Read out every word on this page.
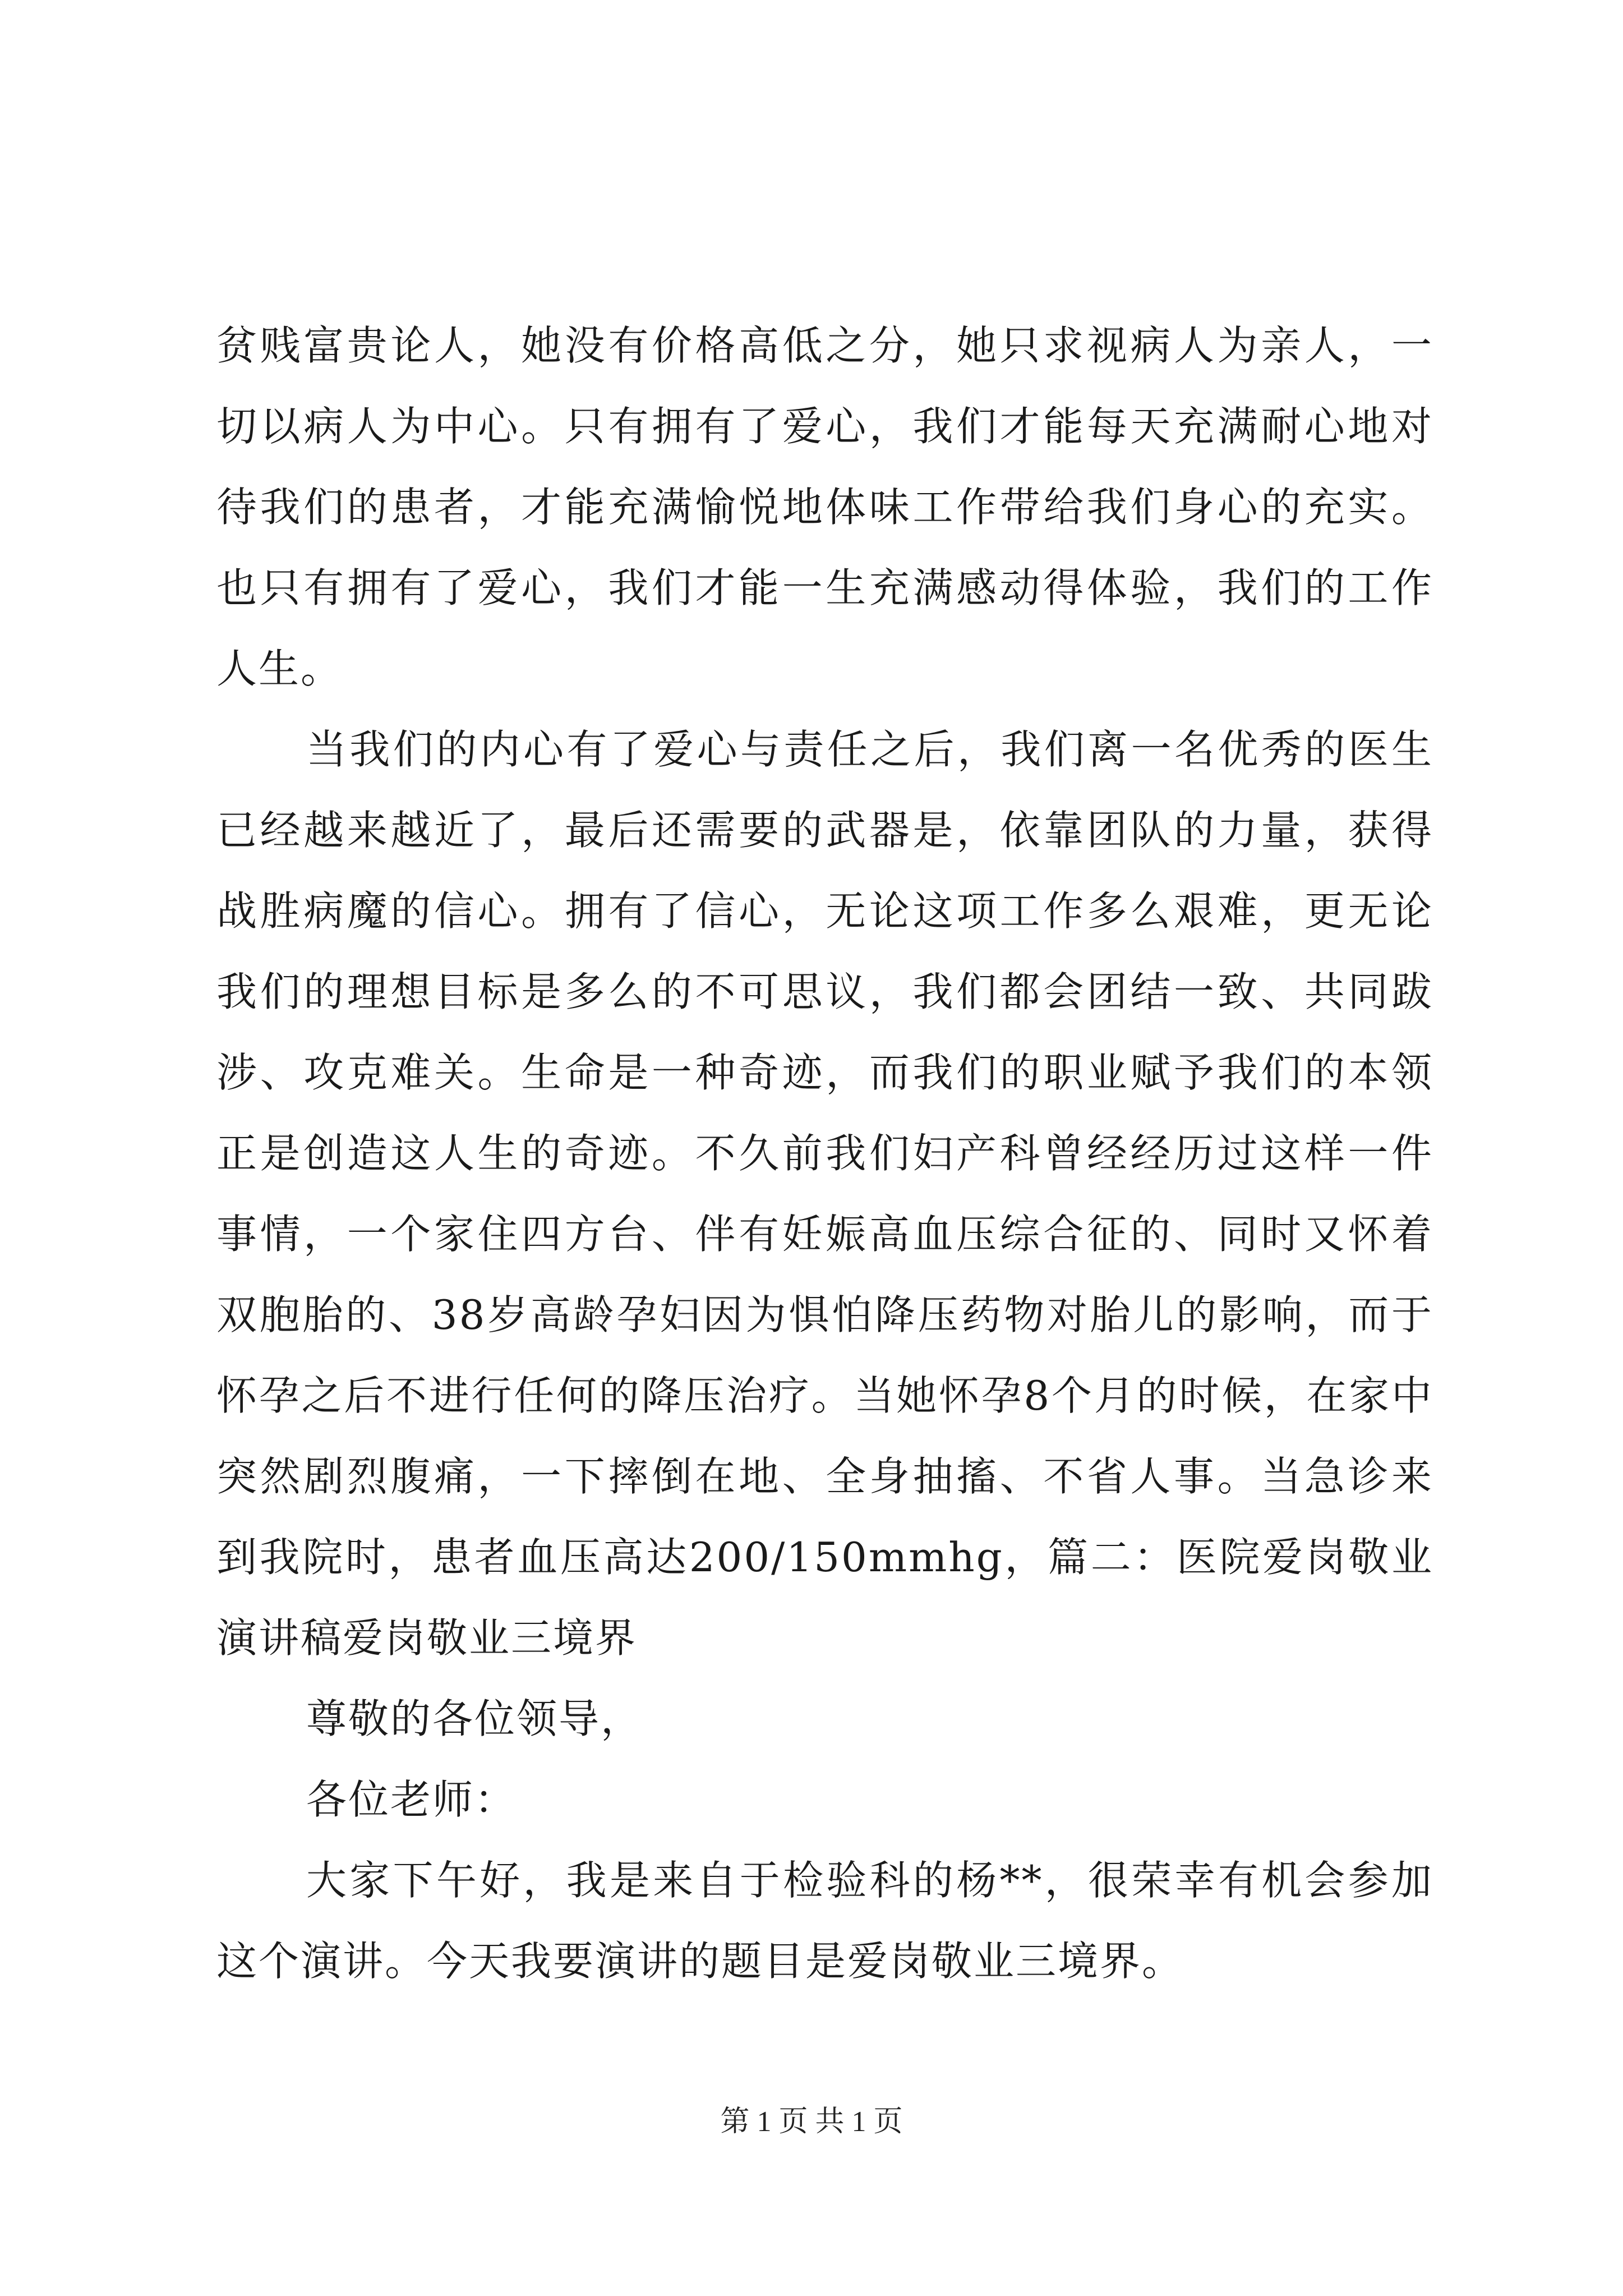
贫贱富贵论人，她没有价格高低之分，她只求视病人为亲人，一切以病人为中心。只有拥有了爱心，我们才能每天充满耐心地对待我们的患者，才能充满愉悦地体味工作带给我们身心的充实。也只有拥有了爱心，我们才能一生充满感动得体验，我们的工作人生。

当我们的内心有了爱心与责任之后，我们离一名优秀的医生已经越来越近了，最后还需要的武器是，依靠团队的力量，获得战胜病魔的信心。拥有了信心，无论这项工作多么艰难，更无论我们的理想目标是多么的不可思议，我们都会团结一致、共同跋涉、攻克难关。生命是一种奇迹，而我们的职业赋予我们的本领正是创造这人生的奇迹。不久前我们妇产科曾经经历过这样一件事情，一个家住四方台、伴有妊娠高血压综合征的、同时又怀着双胞胎的、38岁高龄孕妇因为惧怕降压药物对胎儿的影响，而于怀孕之后不进行任何的降压治疗。当她怀孕8个月的时候，在家中突然剧烈腹痛，一下摔倒在地、全身抽搐、不省人事。当急诊来到我院时，患者血压高达200/150mmhg，篇二：医院爱岗敬业演讲稿爱岗敬业三境界

尊敬的各位领导，

各位老师：

大家下午好，我是来自于检验科的杨**，很荣幸有机会参加这个演讲。今天我要演讲的题目是爱岗敬业三境界。

第 1 页 共 1 页
